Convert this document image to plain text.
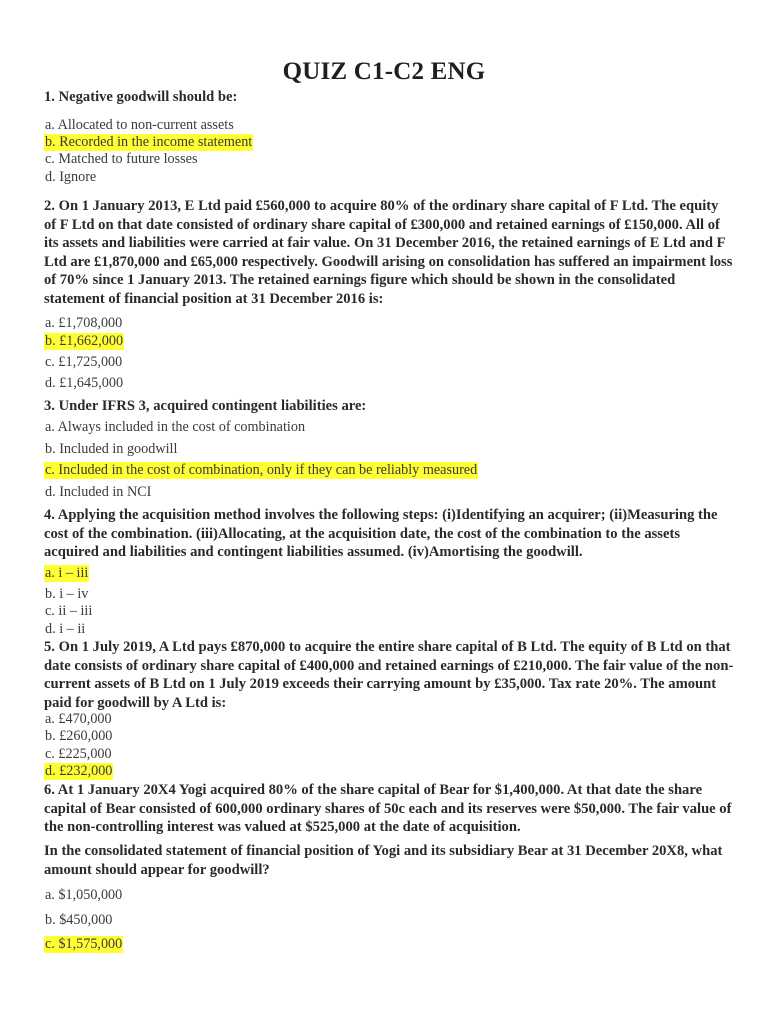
QUIZ C1-C2 ENG

1. Negative goodwill should be:

a. Allocated to non-current assets
b. Recorded in the income statement
c. Matched to future losses
d. Ignore

2. On 1 January 2013, E Ltd paid £560,000 to acquire 80% of the ordinary share capital of F Ltd. The equity of F Ltd on that date consisted of ordinary share capital of £300,000 and retained earnings of £150,000. All of its assets and liabilities were carried at fair value. On 31 December 2016, the retained earnings of E Ltd and F Ltd are £1,870,000 and £65,000 respectively. Goodwill arising on consolidation has suffered an impairment loss of 70% since 1 January 2013. The retained earnings figure which should be shown in the consolidated statement of financial position at 31 December 2016 is:

a. £1,708,000
b. £1,662,000
c. £1,725,000
d. £1,645,000

3. Under IFRS 3, acquired contingent liabilities are:

a. Always included in the cost of combination
b. Included in goodwill
c. Included in the cost of combination, only if they can be reliably measured
d. Included in NCI

4. Applying the acquisition method involves the following steps: (i)Identifying an acquirer; (ii)Measuring the cost of the combination. (iii)Allocating, at the acquisition date, the cost of the combination to the assets acquired and liabilities and contingent liabilities assumed. (iv)Amortising the goodwill.

a. i – iii
b. i – iv
c. ii – iii
d. i – ii

5. On 1 July 2019, A Ltd pays £870,000 to acquire the entire share capital of B Ltd. The equity of B Ltd on that date consists of ordinary share capital of £400,000 and retained earnings of £210,000. The fair value of the non-current assets of B Ltd on 1 July 2019 exceeds their carrying amount by £35,000. Tax rate 20%. The amount paid for goodwill by A Ltd is:

a. £470,000
b. £260,000
c. £225,000
d. £232,000

6. At 1 January 20X4 Yogi acquired 80% of the share capital of Bear for $1,400,000. At that date the share capital of Bear consisted of 600,000 ordinary shares of 50c each and its reserves were $50,000. The fair value of the non-controlling interest was valued at $525,000 at the date of acquisition.

In the consolidated statement of financial position of Yogi and its subsidiary Bear at 31 December 20X8, what amount should appear for goodwill?

a. $1,050,000
b. $450,000
c. $1,575,000
